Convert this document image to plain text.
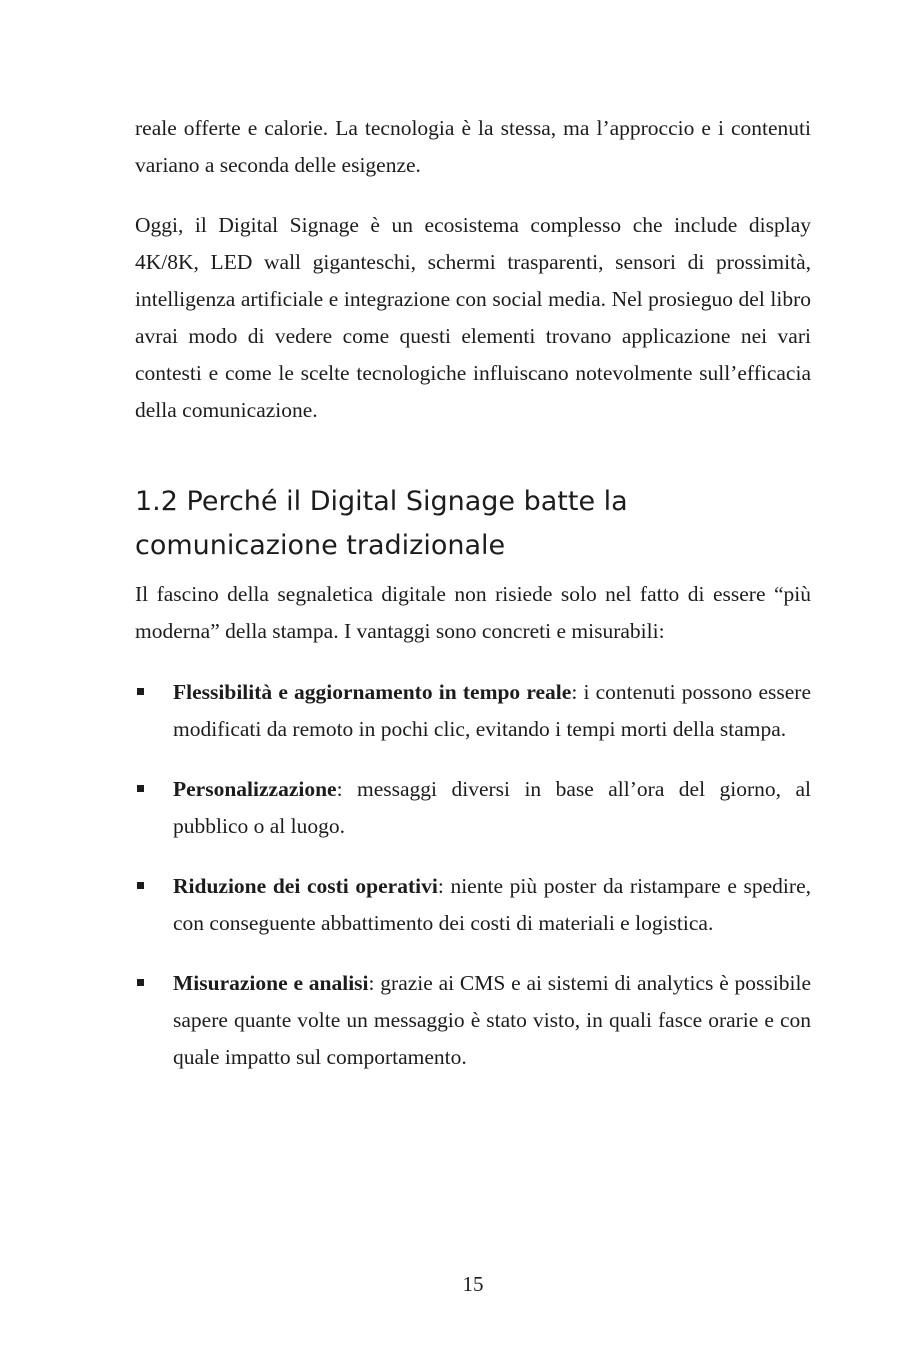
reale offerte e calorie. La tecnologia è la stessa, ma l’approccio e i contenuti variano a seconda delle esigenze.

Oggi, il Digital Signage è un ecosistema complesso che include display 4K/8K, LED wall giganteschi, schermi trasparenti, sensori di prossimità, intelligenza artificiale e integrazione con social media. Nel prosieguo del libro avrai modo di vedere come questi elementi trovano applicazione nei vari contesti e come le scelte tecnologiche influiscano notevolmente sull’efficacia della comunicazione.

1.2 Perché il Digital Signage batte la comunicazione tradizionale

Il fascino della segnaletica digitale non risiede solo nel fatto di essere “più moderna” della stampa. I vantaggi sono concreti e misurabili:

Flessibilità e aggiornamento in tempo reale: i contenuti possono essere modificati da remoto in pochi clic, evitando i tempi morti della stampa.

Personalizzazione: messaggi diversi in base all’ora del giorno, al pubblico o al luogo.

Riduzione dei costi operativi: niente più poster da ristampare e spedire, con conseguente abbattimento dei costi di materiali e logistica.

Misurazione e analisi: grazie ai CMS e ai sistemi di analytics è possibile sapere quante volte un messaggio è stato visto, in quali fasce orarie e con quale impatto sul comportamento.

15
